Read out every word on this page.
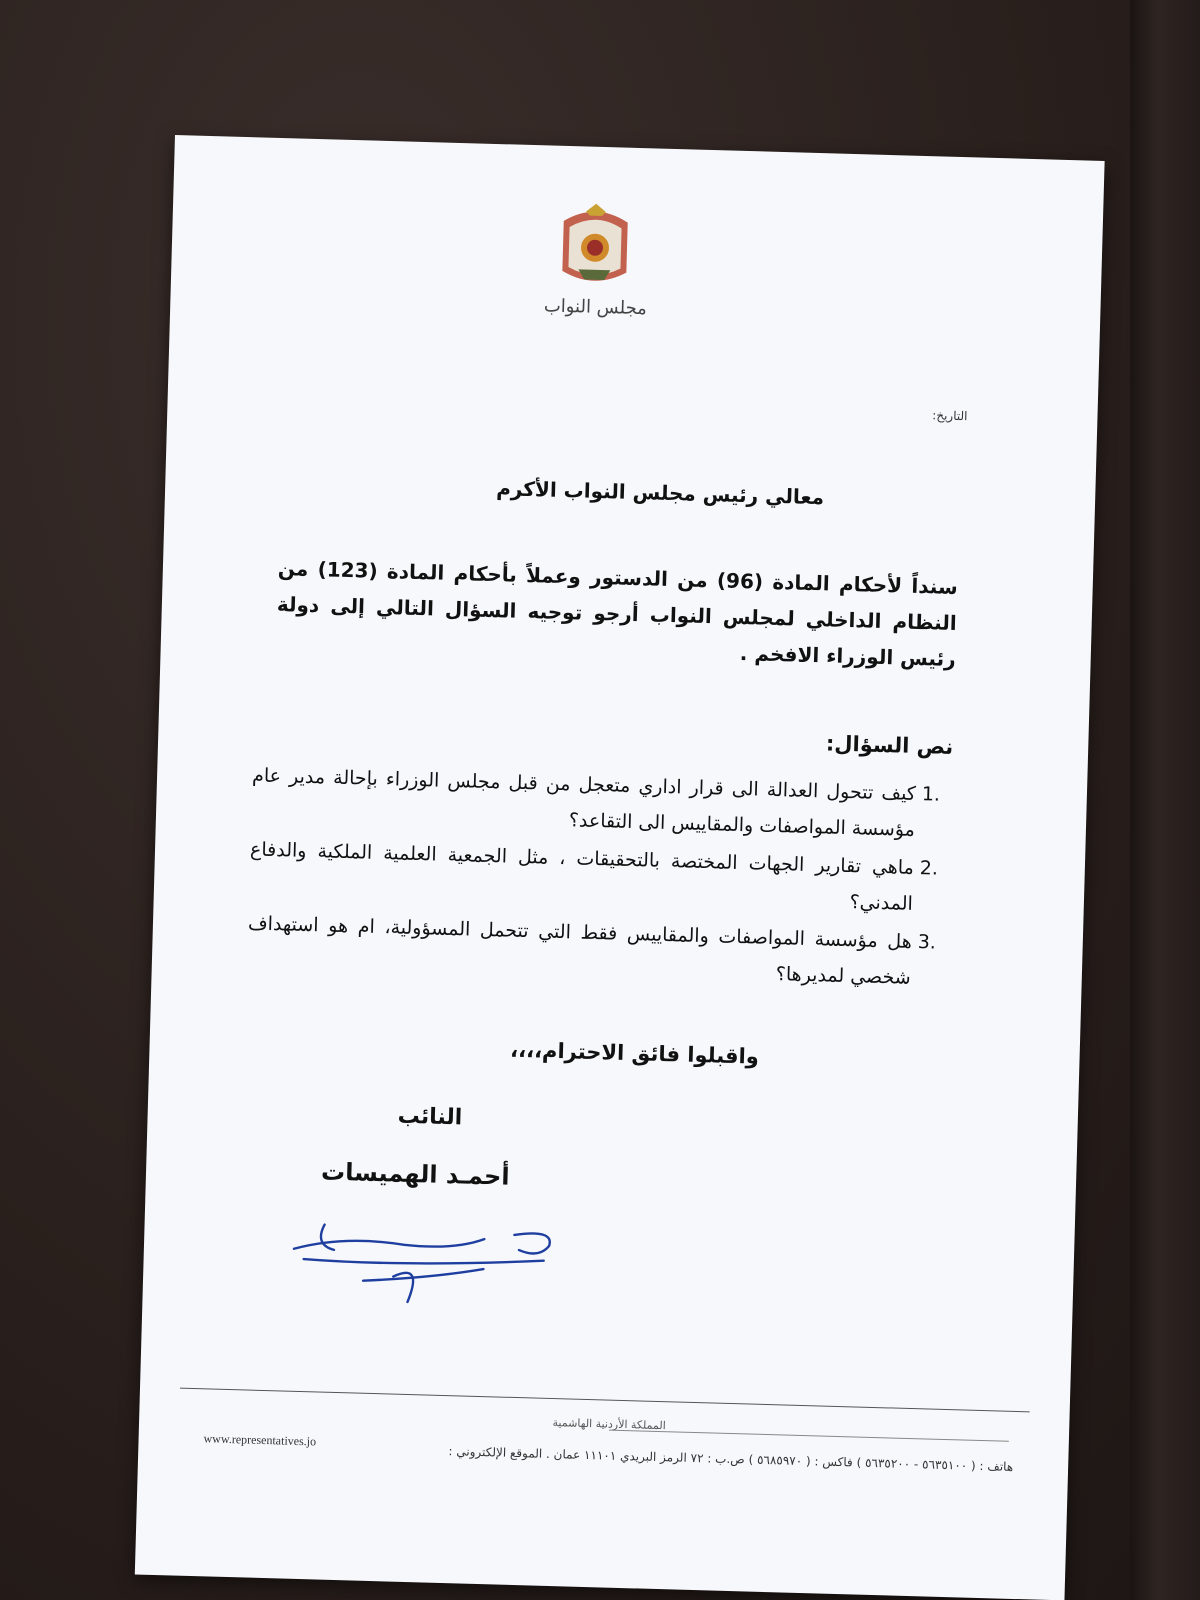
مجلس النواب
التاريخ:
معالي رئيس مجلس النواب الأكرم
سنداً لأحكام المادة (96) من الدستور وعملاً بأحكام المادة (123) من النظام الداخلي لمجلس النواب أرجو توجيه السؤال التالي إلى دولة رئيس الوزراء الافخم .
نص السؤال:
1.
كيف تتحول العدالة الى قرار اداري متعجل من قبل مجلس الوزراء بإحالة مدير عام مؤسسة المواصفات والمقاييس الى التقاعد؟
2.
ماهي تقارير الجهات المختصة بالتحقيقات ، مثل الجمعية العلمية الملكية والدفاع المدني؟
3.
هل مؤسسة المواصفات والمقاييس فقط التي تتحمل المسؤولية، ام هو استهداف شخصي لمديرها؟
واقبلوا فائق الاحترام،،،،
النائب
أحمـد الهميسات
المملكة الأردنية الهاشمية
www.representatives.jo
هاتف : ( ٥٦٣٥١٠٠ - ٥٦٣٥٢٠٠ ) فاكس : ( ٥٦٨٥٩٧٠ ) ص.ب : ٧٢ الرمز البريدي ١١١٠١ عمان . الموقع الإلكتروني :
